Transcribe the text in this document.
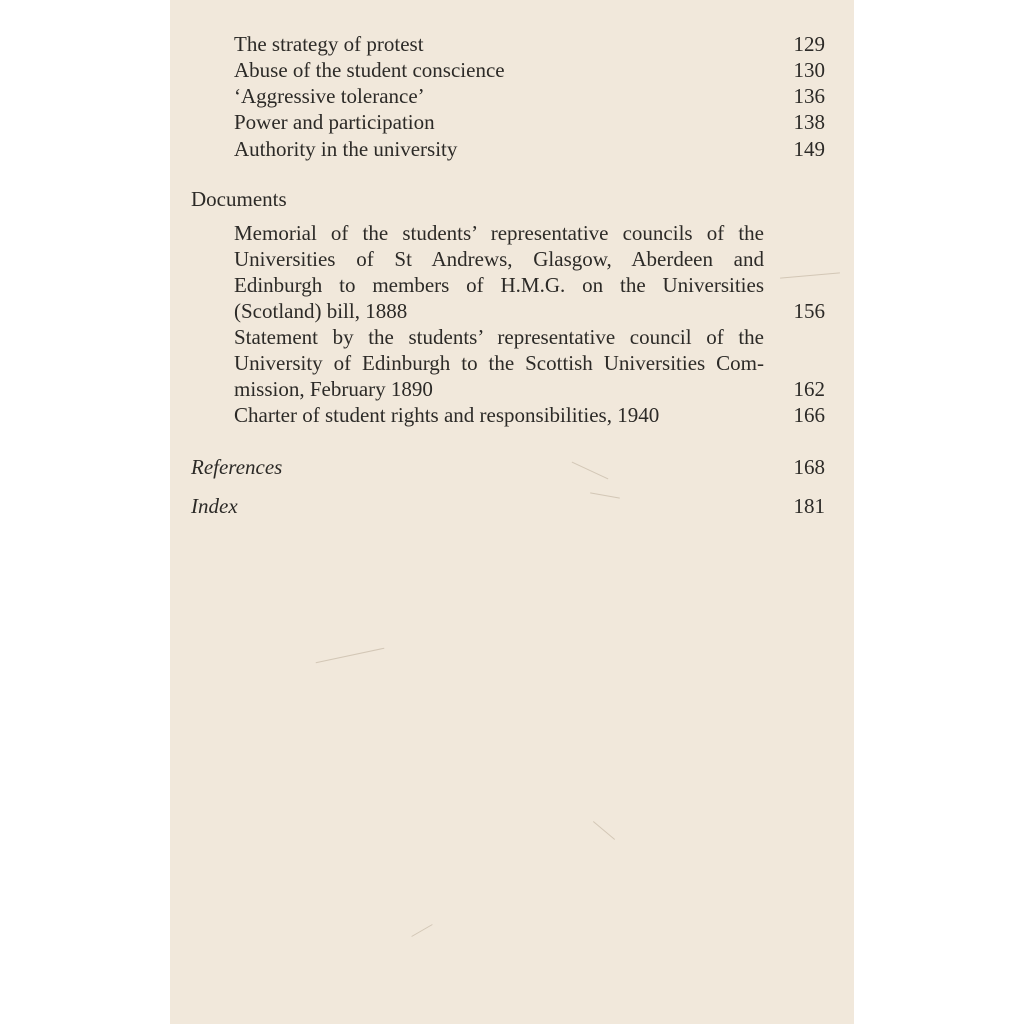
The strategy of protest	129
Abuse of the student conscience	130
‘Aggressive tolerance’	136
Power and participation	138
Authority in the university	149
Documents
Memorial of the students’ representative councils of the
Universities of St Andrews, Glasgow, Aberdeen and
Edinburgh to members of H.M.G. on the Universities
(Scotland) bill, 1888	156
Statement by the students’ representative council of the
University of Edinburgh to the Scottish Universities Com-
mission, February 1890	162
Charter of student rights and responsibilities, 1940	166
References	168
Index	181
